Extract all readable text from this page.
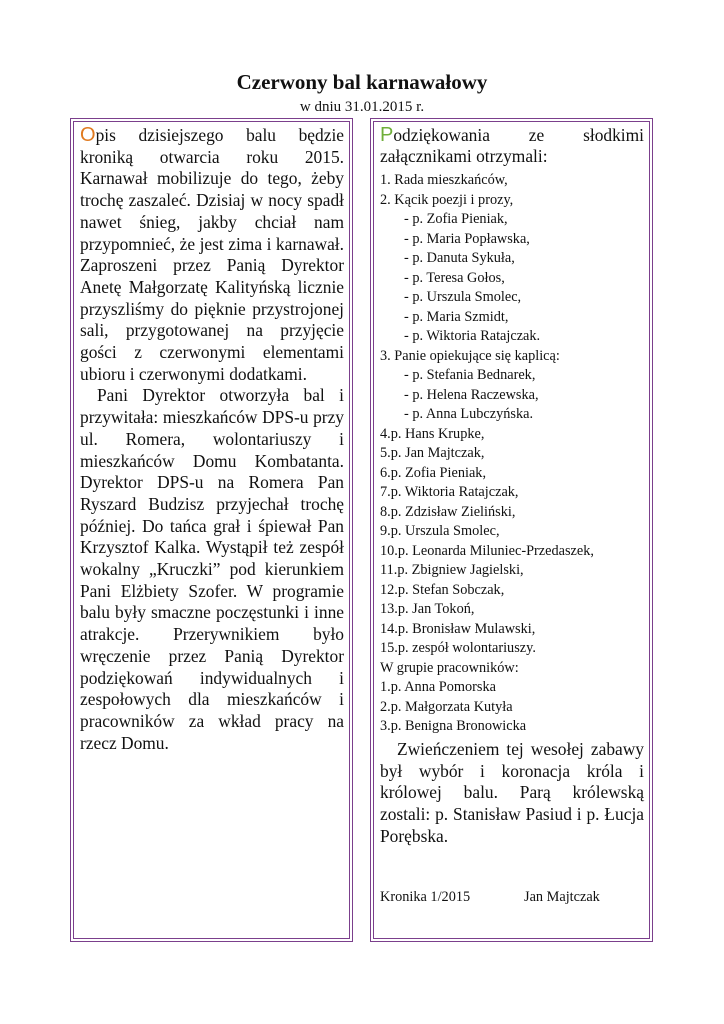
Czerwony bal karnawałowy
w dniu 31.01.2015 r.

Opis dzisiejszego balu będzie kroniką otwarcia roku 2015. Karnawał mobilizuje do tego, żeby trochę zaszaleć. Dzisiaj w nocy spadł nawet śnieg, jakby chciał nam przypomnieć, że jest zima i karnawał. Zaproszeni przez Panią Dyrektor Anetę Małgorzatę Kalityńską licznie przyszliśmy do pięknie przystrojonej sali, przygotowanej na przyjęcie gości z czerwonymi elementami ubioru i czerwonymi dodatkami.

Pani Dyrektor otworzyła bal i przywitała: mieszkańców DPS-u przy ul. Romera, wolontariuszy i mieszkańców Domu Kombatanta. Dyrektor DPS-u na Romera Pan Ryszard Budzisz przyjechał trochę później. Do tańca grał i śpiewał Pan Krzysztof Kalka. Wystąpił też zespół wokalny „Kruczki” pod kierunkiem Pani Elżbiety Szofer. W programie balu były smaczne poczęstunki i inne atrakcje. Przerywnikiem było wręczenie przez Panią Dyrektor podziękowań indywidualnych i zespołowych dla mieszkańców i pracowników za wkład pracy na rzecz Domu.

Podziękowania ze słodkimi załącznikami otrzymali:

1. Rada mieszkańców,
2. Kącik poezji i prozy,
- p. Zofia Pieniak,
- p. Maria Popławska,
- p. Danuta Sykuła,
- p. Teresa Gołos,
- p. Urszula Smolec,
- p. Maria Szmidt,
- p. Wiktoria Ratajczak.
3. Panie opiekujące się kaplicą:
- p. Stefania Bednarek,
- p. Helena Raczewska,
- p. Anna Lubczyńska.
4.p. Hans Krupke,
5.p. Jan Majtczak,
6.p. Zofia Pieniak,
7.p. Wiktoria Ratajczak,
8.p. Zdzisław Zieliński,
9.p. Urszula Smolec,
10.p. Leonarda Miluniec-Przedaszek,
11.p. Zbigniew Jagielski,
12.p. Stefan Sobczak,
13.p. Jan Tokoń,
14.p. Bronisław Mulawski,
15.p. zespół wolontariuszy.
W grupie pracowników:
1.p. Anna Pomorska
2.p. Małgorzata Kutyła
3.p. Benigna Bronowicka

Zwieńczeniem tej wesołej zabawy był wybór i koronacja króla i królowej balu. Parą królewską zostali: p. Stanisław Pasiud i p. Łucja Porębska.

Kronika 1/2015	Jan Majtczak
